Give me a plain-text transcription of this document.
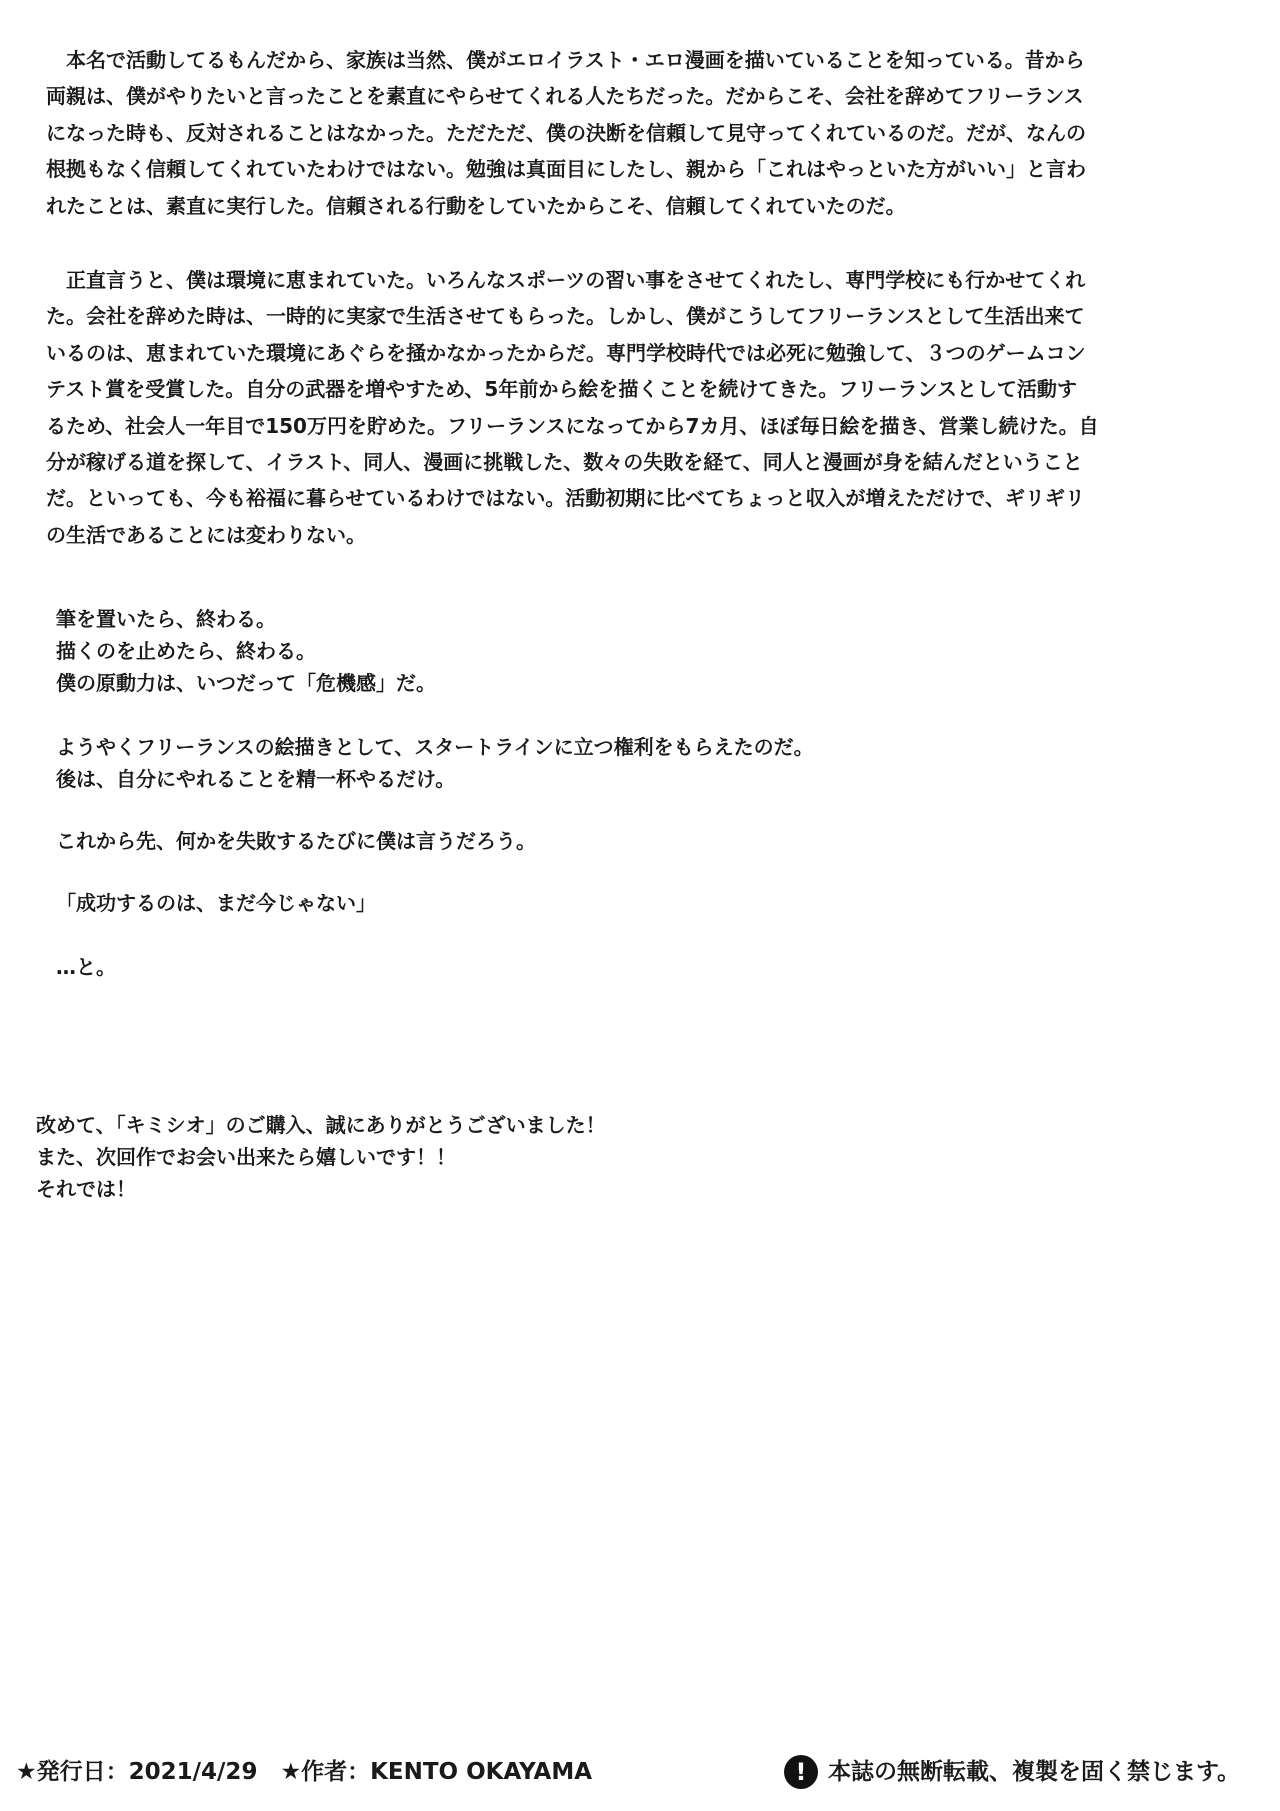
　本名で活動してるもんだから、家族は当然、僕がエロイラスト・エロ漫画を描いていることを知っている。昔から
両親は、僕がやりたいと言ったことを素直にやらせてくれる人たちだった。だからこそ、会社を辞めてフリーランス
になった時も、反対されることはなかった。ただただ、僕の決断を信頼して見守ってくれているのだ。だが、なんの
根拠もなく信頼してくれていたわけではない。勉強は真面目にしたし、親から「これはやっといた方がいい」と言わ
れたことは、素直に実行した。信頼される行動をしていたからこそ、信頼してくれていたのだ。
　正直言うと、僕は環境に恵まれていた。いろんなスポーツの習い事をさせてくれたし、専門学校にも行かせてくれ
た。会社を辞めた時は、一時的に実家で生活させてもらった。しかし、僕がこうしてフリーランスとして生活出来て
いるのは、恵まれていた環境にあぐらを掻かなかったからだ。専門学校時代では必死に勉強して、３つのゲームコン
テスト賞を受賞した。自分の武器を増やすため、5年前から絵を描くことを続けてきた。フリーランスとして活動す
るため、社会人一年目で150万円を貯めた。フリーランスになってから7カ月、ほぼ毎日絵を描き、営業し続けた。自
分が稼げる道を探して、イラスト、同人、漫画に挑戦した、数々の失敗を経て、同人と漫画が身を結んだということ
だ。といっても、今も裕福に暮らせているわけではない。活動初期に比べてちょっと収入が増えただけで、ギリギリ
の生活であることには変わりない。
筆を置いたら、終わる。
描くのを止めたら、終わる。
僕の原動力は、いつだって「危機感」だ。
ようやくフリーランスの絵描きとして、スタートラインに立つ権利をもらえたのだ。
後は、自分にやれることを精一杯やるだけ。
これから先、何かを失敗するたびに僕は言うだろう。
「成功するのは、まだ今じゃない」
…と。
改めて、「キミシオ」のご購入、誠にありがとうございました！
また、次回作でお会い出来たら嬉しいです！！
それでは！
★発行日：2021/4/29　★作者：KENTO OKAYAMA	! 本誌の無断転載、複製を固く禁じます。
